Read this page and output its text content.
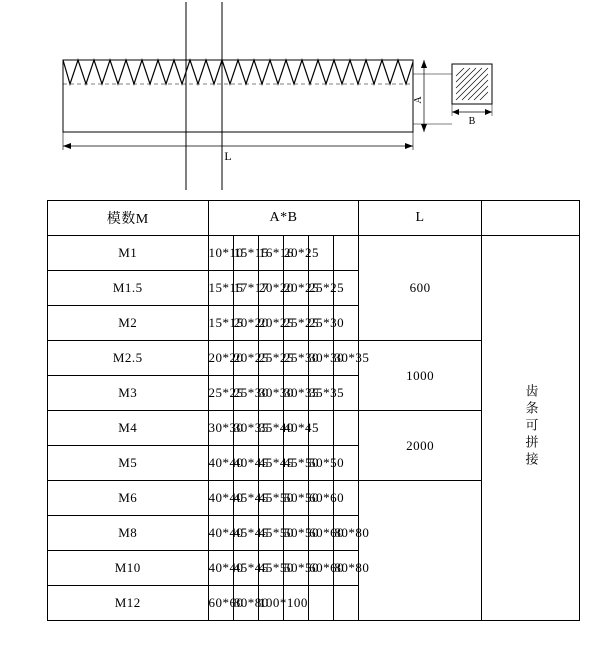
L
A
B
模数M	A*B						L	
M1	10*10	15*15	16*16	20*25			600	齿条可拼接
M1.5	15*15	17*17	20*20	20*25	25*25			
M2	15*15	20*20	20*25	25*25	25*30			
M2.5	20*20	20*25	25*25	25*30	30*30	30*35	1000	
M3	25*25	25*30	30*30	30*35	35*35			
M4	30*30	30*35	35*40	40*45			2000	
M5	40*40	40*45	45*45	45*50	50*50			
M6	40*40	45*45	45*50	50*50	60*60			
M8	40*40	45*45	45*50	50*50	60*60	80*80		
M10	40*40	45*45	45*50	50*50	60*60	80*80		
M12	60*60	80*80	100*100					
